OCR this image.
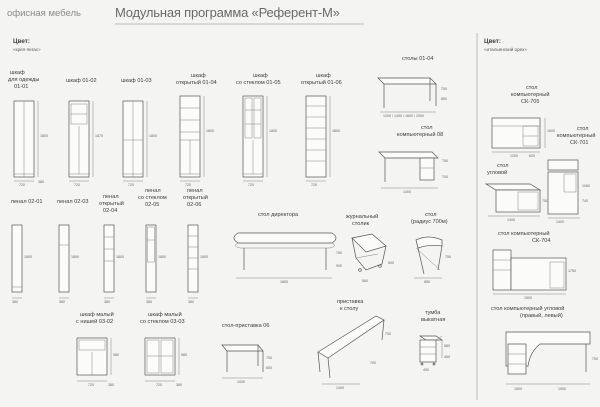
офисная мебель	Модульная программа «Референт-М»
Цвет:
«креп-пегас»
Цвет:
«итальянский орех»
шкаф
для одежды
01-01
720
380
1800
шкаф 01-02
720
1870
шкаф 01-03
720
1800
шкаф
открытый 01-04
720
1800
шкаф
со стеклом 01-05
720
1800
шкаф
открытый 01-06
720
1800
столы 01-04
1200 / 1400 / 1600 / 2000
800
750
стол
компьютерный 08
1400
700
750
пенал 02-01
380
1800
пенал 02-03
380
1800
пенал
открытый
02-04
380
1800
пенал
со стеклом
02-05
380
1800
пенал
открытый
02-06
380
1800
стол директора
1800
900
750
журнальный
столик
580
500
стол
(радиус 700м)
850
750
шкаф малый
с нишей 03-02
720	380
980
шкаф малый
со стеклом 03-03
720	380
980
стол-приставка 06
1000
600
750
приставка
к столу
1400
700
750
тумба
выкатная
400
450
580
стол
компьютерный
СК-705
1200	620
1600	стол
компьютерный
СК-701
1400
740
1060
стол
угловой
1400
750
стол компьютерный
СК-704
1500
1750
стол компьютерный угловой
(правый, левый)
1500	1500
750
